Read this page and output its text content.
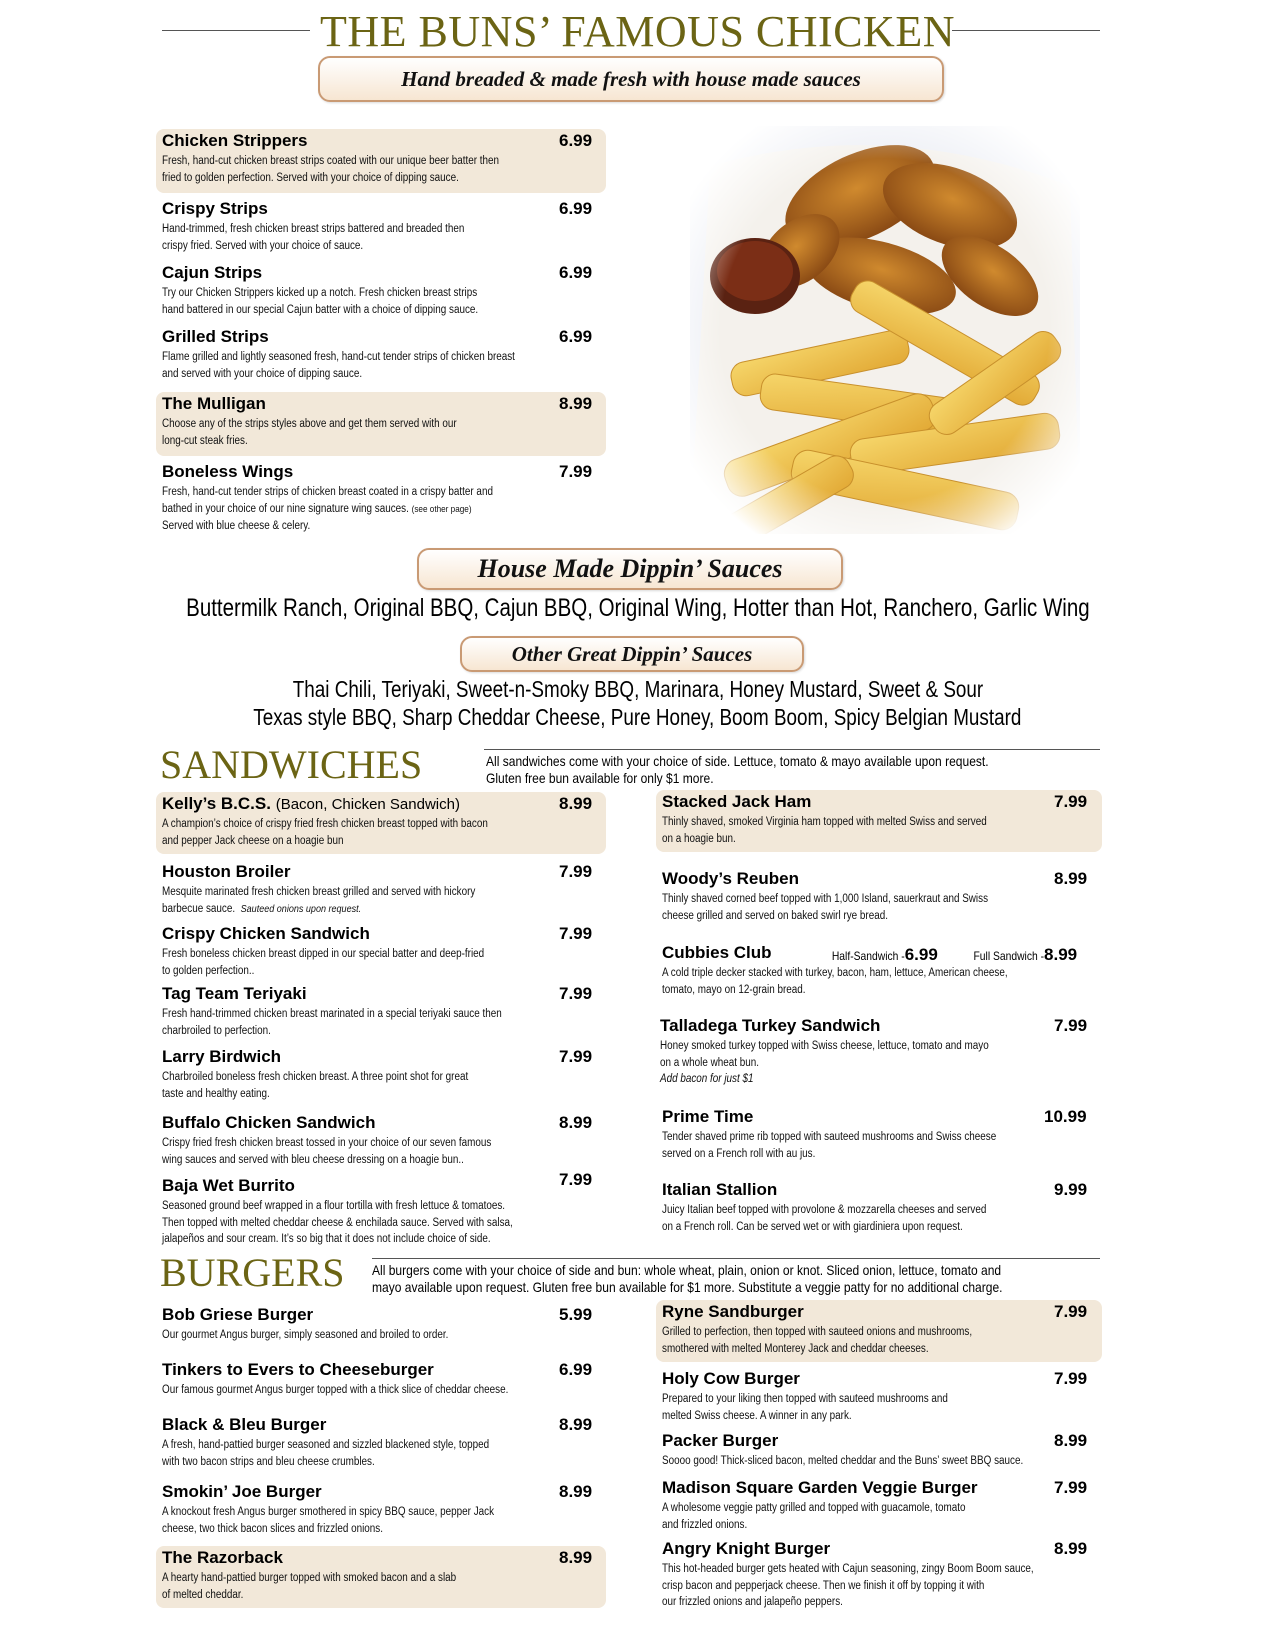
THE BUNS’ FAMOUS CHICKEN
Hand breaded & made fresh with house made sauces
Chicken Strippers	6.99
Fresh, hand-cut chicken breast strips coated with our unique beer batter then
fried to golden perfection. Served with your choice of dipping sauce.
Crispy Strips	6.99
Hand-trimmed, fresh chicken breast strips battered and breaded then
crispy fried. Served with your choice of sauce.
Cajun Strips	6.99
Try our Chicken Strippers kicked up a notch. Fresh chicken breast strips
hand battered in our special Cajun batter with a choice of dipping sauce.
Grilled Strips	6.99
Flame grilled and lightly seasoned fresh, hand-cut tender strips of chicken breast
and served with your choice of dipping sauce.
The Mulligan	8.99
Choose any of the strips styles above and get them served with our
long-cut steak fries.
Boneless Wings	7.99
Fresh, hand-cut tender strips of chicken breast coated in a crispy batter and
bathed in your choice of our nine signature wing sauces. (see other page)
Served with blue cheese & celery.
House Made Dippin’ Sauces
Buttermilk Ranch, Original BBQ, Cajun BBQ, Original Wing, Hotter than Hot, Ranchero, Garlic Wing
Other Great Dippin’ Sauces
Thai Chili, Teriyaki, Sweet-n-Smoky BBQ, Marinara, Honey Mustard, Sweet & Sour
Texas style BBQ, Sharp Cheddar Cheese, Pure Honey, Boom Boom, Spicy Belgian Mustard
SANDWICHES	All sandwiches come with your choice of side. Lettuce, tomato & mayo available upon request.
Gluten free bun available for only $1 more.
Kelly’s B.C.S. (Bacon, Chicken Sandwich)	8.99
A champion’s choice of crispy fried fresh chicken breast topped with bacon
and pepper Jack cheese on a hoagie bun
Houston Broiler	7.99
Mesquite marinated fresh chicken breast grilled and served with hickory
barbecue sauce. Sauteed onions upon request.
Crispy Chicken Sandwich	7.99
Fresh boneless chicken breast dipped in our special batter and deep-fried
to golden perfection..
Tag Team Teriyaki	7.99
Fresh hand-trimmed chicken breast marinated in a special teriyaki sauce then
charbroiled to perfection.
Larry Birdwich	7.99
Charbroiled boneless fresh chicken breast. A three point shot for great
taste and healthy eating.
Buffalo Chicken Sandwich	8.99
Crispy fried fresh chicken breast tossed in your choice of our seven famous
wing sauces and served with bleu cheese dressing on a hoagie bun..
Baja Wet Burrito	7.99
Seasoned ground beef wrapped in a flour tortilla with fresh lettuce & tomatoes.
Then topped with melted cheddar cheese & enchilada sauce. Served with salsa,
jalapeños and sour cream. It’s so big that it does not include choice of side.
Stacked Jack Ham	7.99
Thinly shaved, smoked Virginia ham topped with melted Swiss and served
on a hoagie bun.
Woody’s Reuben	8.99
Thinly shaved corned beef topped with 1,000 Island, sauerkraut and Swiss
cheese grilled and served on baked swirl rye bread.
Cubbies Club	Half-Sandwich -6.99	Full Sandwich -8.99
A cold triple decker stacked with turkey, bacon, ham, lettuce, American cheese,
tomato, mayo on 12-grain bread.
Talladega Turkey Sandwich	7.99
Honey smoked turkey topped with Swiss cheese, lettuce, tomato and mayo
on a whole wheat bun.
Add bacon for just $1
Prime Time	10.99
Tender shaved prime rib topped with sauteed mushrooms and Swiss cheese
served on a French roll with au jus.
Italian Stallion	9.99
Juicy Italian beef topped with provolone & mozzarella cheeses and served
on a French roll. Can be served wet or with giardiniera upon request.
BURGERS All burgers come with your choice of side and bun: whole wheat, plain, onion or knot. Sliced onion, lettuce, tomato and
mayo available upon request. Gluten free bun available for $1 more. Substitute a veggie patty for no additional charge.
Bob Griese Burger	5.99
Our gourmet Angus burger, simply seasoned and broiled to order.
Tinkers to Evers to Cheeseburger	6.99
Our famous gourmet Angus burger topped with a thick slice of cheddar cheese.
Black & Bleu Burger	8.99
A fresh, hand-pattied burger seasoned and sizzled blackened style, topped
with two bacon strips and bleu cheese crumbles.
Smokin’ Joe Burger	8.99
A knockout fresh Angus burger smothered in spicy BBQ sauce, pepper Jack
cheese, two thick bacon slices and frizzled onions.
The Razorback	8.99
A hearty hand-pattied burger topped with smoked bacon and a slab
of melted cheddar.
Ryne Sandburger	7.99
Grilled to perfection, then topped with sauteed onions and mushrooms,
smothered with melted Monterey Jack and cheddar cheeses.
Holy Cow Burger	7.99
Prepared to your liking then topped with sauteed mushrooms and
melted Swiss cheese. A winner in any park.
Packer Burger	8.99
Soooo good! Thick-sliced bacon, melted cheddar and the Buns’ sweet BBQ sauce.
Madison Square Garden Veggie Burger	7.99
A wholesome veggie patty grilled and topped with guacamole, tomato
and frizzled onions.
Angry Knight Burger	8.99
This hot-headed burger gets heated with Cajun seasoning, zingy Boom Boom sauce,
crisp bacon and pepperjack cheese. Then we finish it off by topping it with
our frizzled onions and jalapeño peppers.
